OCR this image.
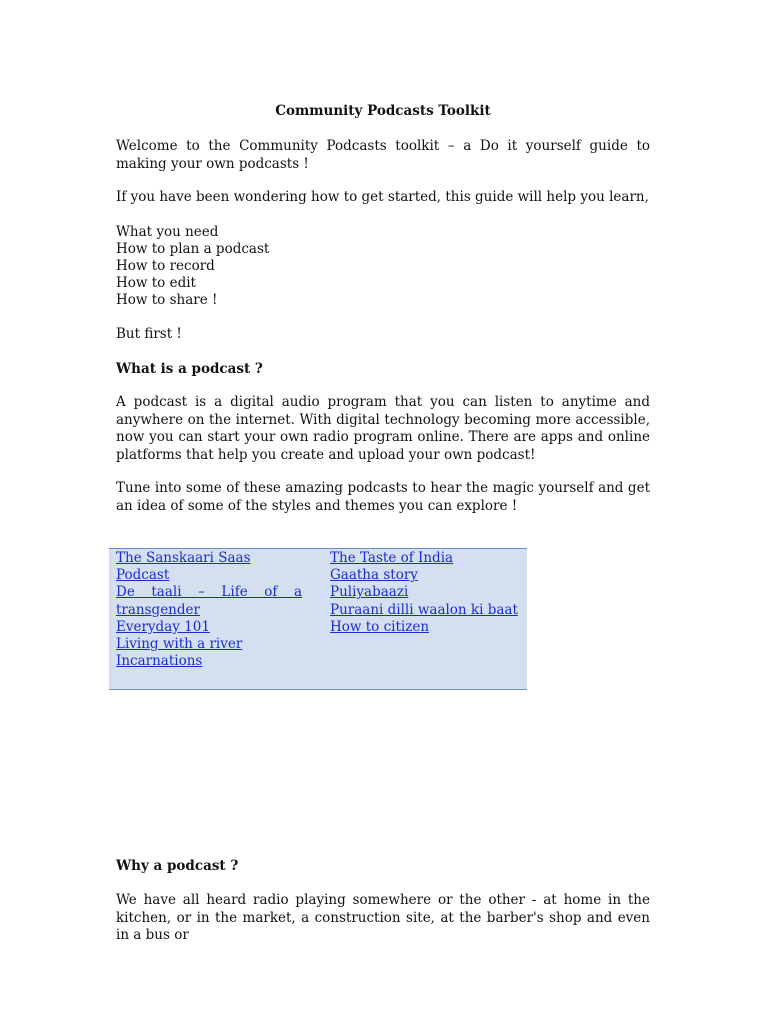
Community Podcasts Toolkit

Welcome to the Community Podcasts toolkit – a Do it yourself guide to making your own podcasts !

If you have been wondering how to get started, this guide will help you learn,

What you need
How to plan a podcast
How to record
How to edit
How to share !

But first !

What is a podcast ?

A podcast is a digital audio program that you can listen to anytime and anywhere on the internet. With digital technology becoming more accessible, now you can start your own radio program online. There are apps and online platforms that help you create and upload your own podcast!

Tune into some of these amazing podcasts to hear the magic yourself and get an idea of some of the styles and themes you can explore !

Why a podcast ?

We have all heard radio playing somewhere or the other - at home in the kitchen, or in the market, a construction site, at the barber's shop and even in a bus or

The Sanskaari Saas Podcast
De taali – Life of a transgender
Everyday 101
Living with a river
Incarnations
The Taste of India
Gaatha story
Puliyabaazi
Puraani dilli waalon ki baat
How to citizen
